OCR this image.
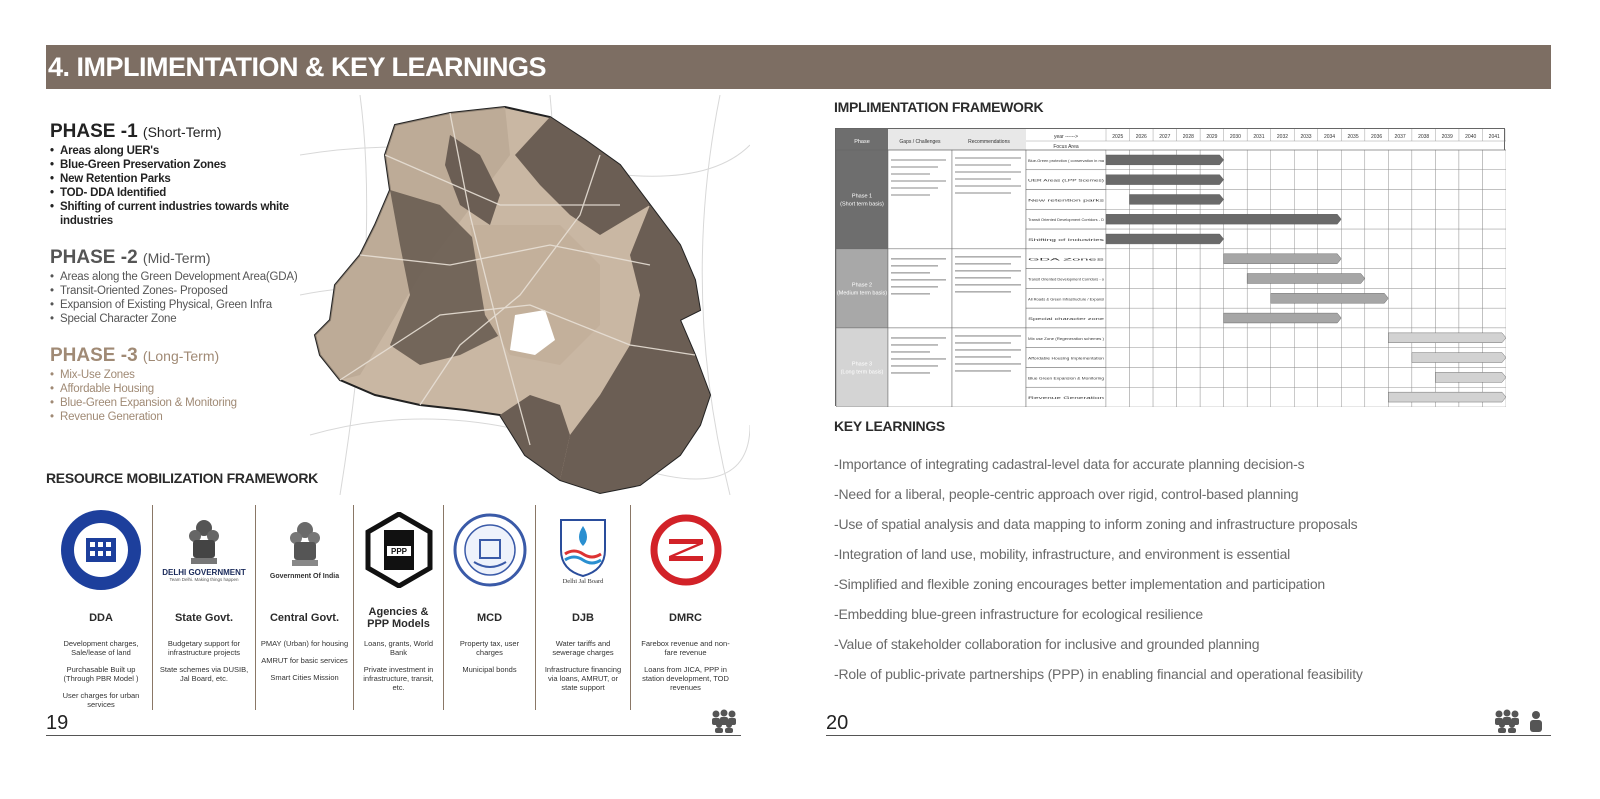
4. IMPLIMENTATION & KEY LEARNINGS
PHASE -1 (Short-Term)
• Areas along UER's
• Blue-Green Preservation Zones
• New Retention Parks
• TOD- DDA Identified
• Shifting of current industries towards white industries
PHASE -2 (Mid-Term)
• Areas along the Green Development Area(GDA)
• Transit-Oriented Zones- Proposed
• Expansion of Existing Physical, Green Infra
• Special Character Zone
PHASE -3 (Long-Term)
• Mix-Use Zones
• Affordable Housing
• Blue-Green Expansion & Monitoring
• Revenue Generation
RESOURCE MOBILIZATION FRAMEWORK
DDA

Development charges, Sale/lease of land

Purchasable Built up (Through PBR Model )

User charges for urban services

DELHI GOVERNMENT
Team Delhi. Making things happen
State Govt.

Budgetary support for infrastructure projects

State schemes via DUSIB, Jal Board, etc.

Government Of India
Central Govt.

PMAY (Urban) for housing

AMRUT for basic services

Smart Cities Mission

PPP
Agencies & PPP Models

Loans, grants, World Bank

Private investment in infrastructure, transit, etc.

MCD

Property tax, user charges

Municipal bonds

Delhi Jal Board
DJB

Water tariffs and sewerage charges

Infrastructure financing via loans, AMRUT, or state support

DMRC

Farebox revenue and non-fare revenue

Loans from JICA, PPP in station development, TOD revenues

19
IMPLIMENTATION FRAMEWORK
Phase	Gaps / Challenges	Recommendations
year ------>
Focus Area
2025 2026 2027 2028 2029 2030 2031 2032 2033 2034 2035 2036 2037 2038 2039 2040 2041
Phase 1
(Short term basis)
Blue-Green protection ( conservation in ma
UER Areas (LPP Scemes)
New retention parks
Transit Oriented Development Corridors - D
Shifting of Industries
Phase 2
(Medium term basis)
GDA Zones
Transit Oriented Development Corridors - o
All Roads & Green Infrastructure / Expansi
Special character zone
Phase 3
(Long term basis)
Mix use Zone (Regeneration schemes )
Affordable Housing Implementation
Blue Green Expansion & Monitoring
Revenue Generation
KEY LEARNINGS
-Importance of integrating cadastral-level data for accurate planning decision-s
-Need for a liberal, people-centric approach over rigid, control-based planning
-Use of spatial analysis and data mapping to inform zoning and infrastructure proposals
-Integration of land use, mobility, infrastructure, and environment is essential
-Simplified and flexible zoning encourages better implementation and participation
-Embedding blue-green infrastructure for ecological resilience
-Value of stakeholder collaboration for inclusive and grounded planning
-Role of public-private partnerships (PPP) in enabling financial and operational feasibility
20
